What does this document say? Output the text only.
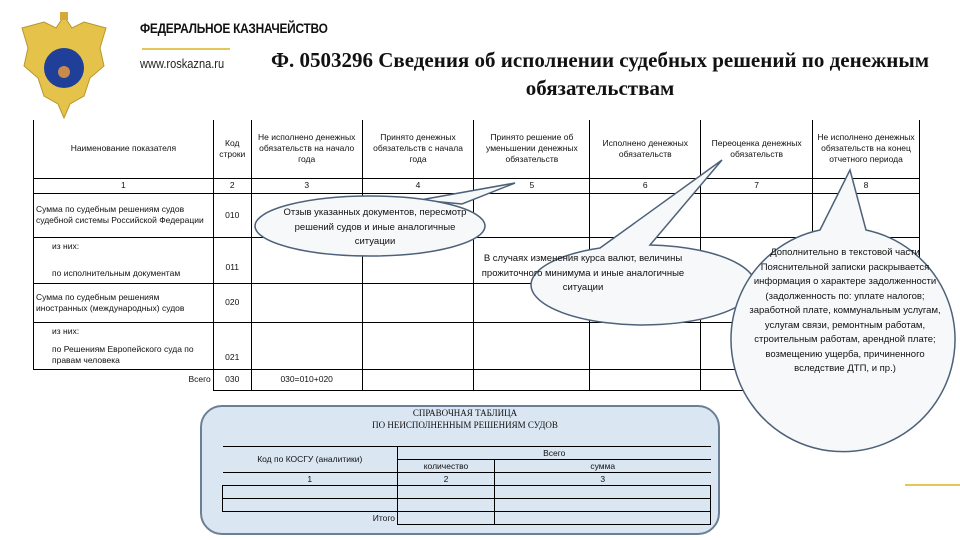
ФЕДЕРАЛЬНОЕ КАЗНАЧЕЙСТВО
www.roskazna.ru	Ф. 0503296 Сведения об исполнении судебных решений по денежным обязательствам
Наименование показателя	Код строки	Не исполнено денежных обязательств на начало года	Принято денежных обязательств с начала года	Принято решение об уменьшении денежных обязательств	Исполнено денежных обязательств	Переоценка денежных обязательств	Не исполнено денежных обязательств на конец отчетного периода
1	2	3	4	5	6	7	8
Сумма по судебным решениям судов судебной системы Российской Федерации	010						

из них:
по исполнительным документам	011						
Сумма по судебным решениям иностранных (международных) судов	020						

из них:
по Решениям Европейского суда по правам человека	021						
Всего	030	030=010+020					
СПРАВОЧНАЯ ТАБЛИЦА
ПО НЕИСПОЛНЕННЫМ РЕШЕНИЯМ СУДОВ
Код по КОСГУ (аналитики)	Всего	
	количество	сумма
1	2	3

Итого		
Отзыв указанных документов, пересмотр решений судов и иные аналогичные ситуации
В случаях изменения курса валют, величины прожиточного минимума и иные аналогичные ситуации
Дополнительно в текстовой части Пояснительной записки раскрывается информация о характере задолженности (задолженность по: уплате налогов; заработной плате, коммунальным услугам, услугам связи, ремонтным работам, строительным работам, арендной плате; возмещению ущерба, причиненного вследствие ДТП, и пр.)
